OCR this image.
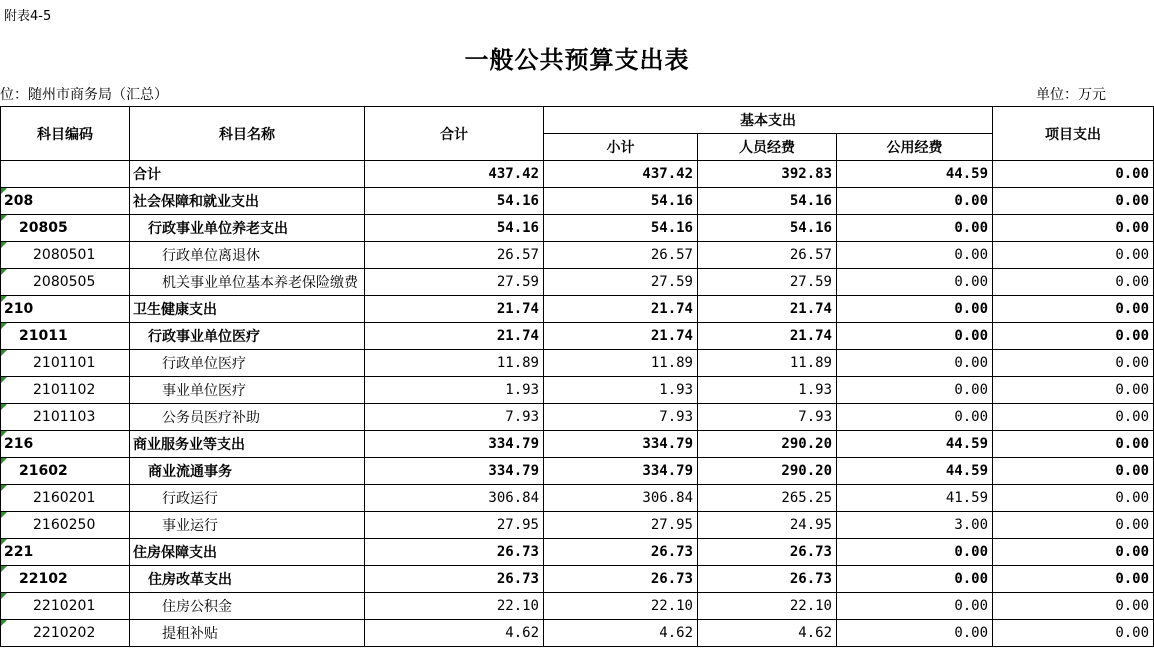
附表4-5
一般公共预算支出表
位：随州市商务局（汇总）	单位：万元
科目编码	科目名称	合计	基本支出			项目支出
			小计	人员经费	公用经费	
	合计	437.42	437.42	392.83	44.59	0.00
208	社会保障和就业支出	54.16	54.16	54.16	0.00	0.00
20805	行政事业单位养老支出	54.16	54.16	54.16	0.00	0.00
2080501	行政单位离退休	26.57	26.57	26.57	0.00	0.00
2080505	机关事业单位基本养老保险缴费	27.59	27.59	27.59	0.00	0.00
210	卫生健康支出	21.74	21.74	21.74	0.00	0.00
21011	行政事业单位医疗	21.74	21.74	21.74	0.00	0.00
2101101	行政单位医疗	11.89	11.89	11.89	0.00	0.00
2101102	事业单位医疗	1.93	1.93	1.93	0.00	0.00
2101103	公务员医疗补助	7.93	7.93	7.93	0.00	0.00
216	商业服务业等支出	334.79	334.79	290.20	44.59	0.00
21602	商业流通事务	334.79	334.79	290.20	44.59	0.00
2160201	行政运行	306.84	306.84	265.25	41.59	0.00
2160250	事业运行	27.95	27.95	24.95	3.00	0.00
221	住房保障支出	26.73	26.73	26.73	0.00	0.00
22102	住房改革支出	26.73	26.73	26.73	0.00	0.00
2210201	住房公积金	22.10	22.10	22.10	0.00	0.00
2210202	提租补贴	4.62	4.62	4.62	0.00	0.00
